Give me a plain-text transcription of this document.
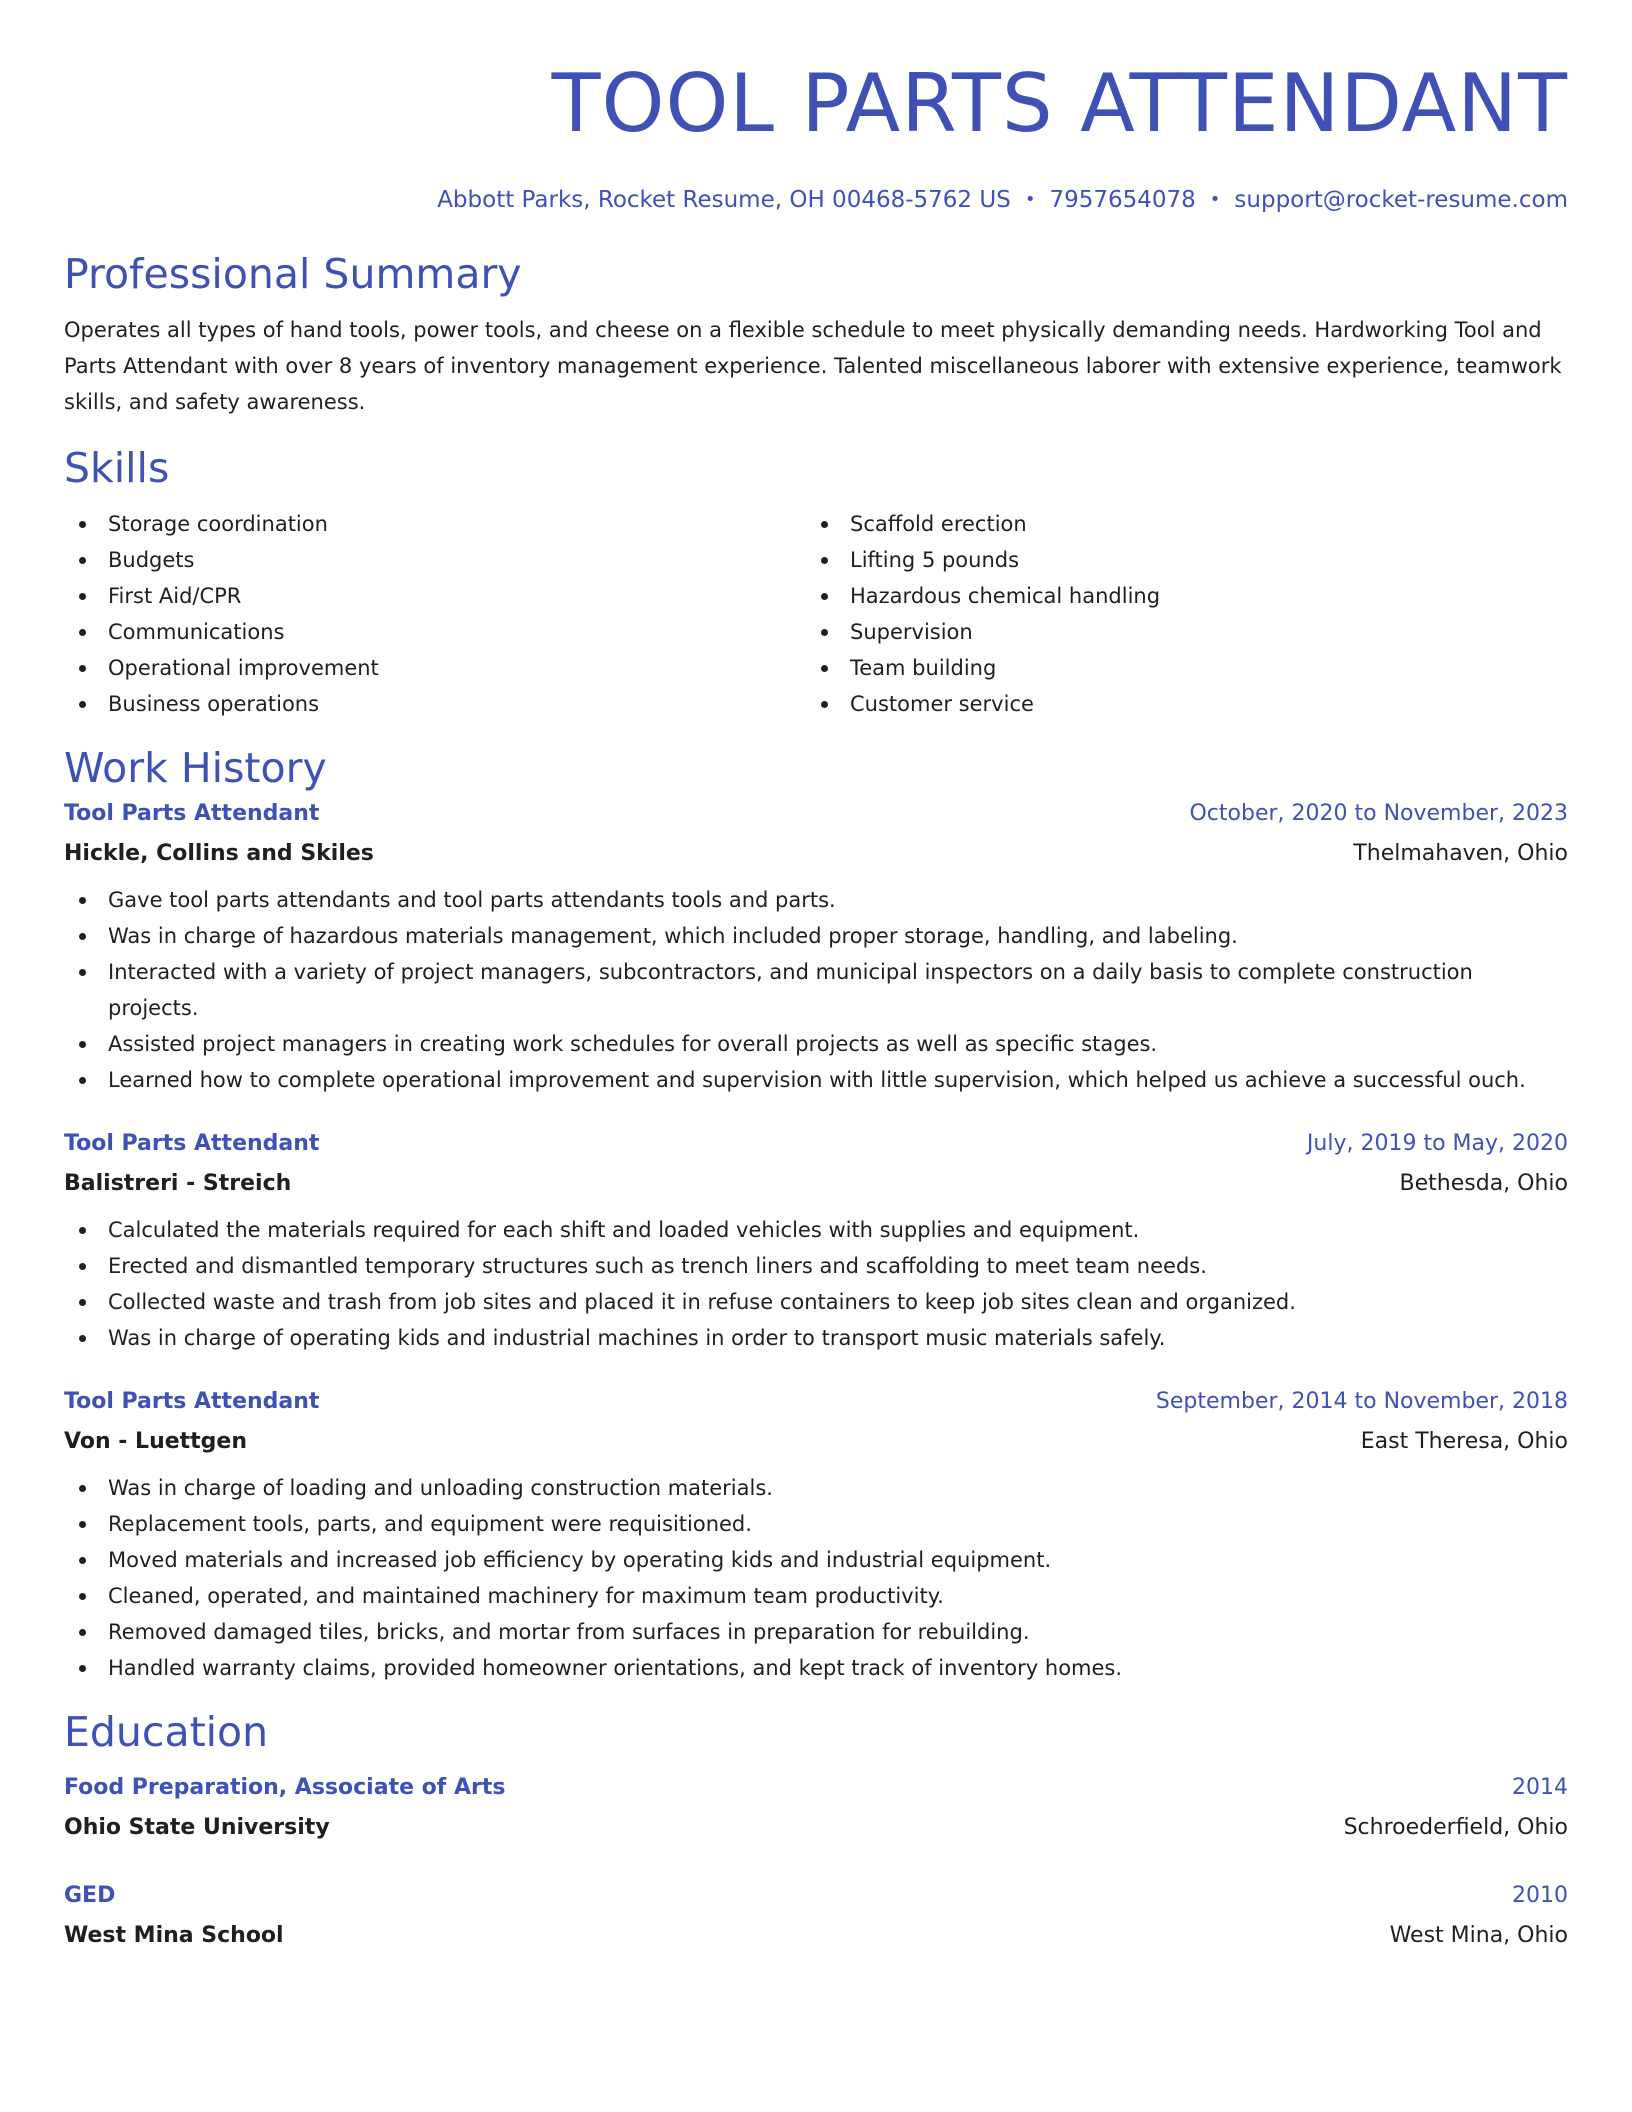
TOOL PARTS ATTENDANT
Abbott Parks, Rocket Resume, OH 00468-5762 US • 7957654078 • support@rocket-resume.com
Professional Summary

Operates all types of hand tools, power tools, and cheese on a flexible schedule to meet physically demanding needs. Hardworking Tool and Parts Attendant with over 8 years of inventory management experience. Talented miscellaneous laborer with extensive experience, teamwork skills, and safety awareness.

Skills
Storage coordination
Budgets
First Aid/CPR
Communications
Operational improvement
Business operations
Scaffold erection
Lifting 5 pounds
Hazardous chemical handling
Supervision
Team building
Customer service
Work History
Tool Parts Attendant	October, 2020 to November, 2023
Hickle, Collins and Skiles	Thelmahaven, Ohio
Gave tool parts attendants and tool parts attendants tools and parts.
Was in charge of hazardous materials management, which included proper storage, handling, and labeling.
Interacted with a variety of project managers, subcontractors, and municipal inspectors on a daily basis to complete construction projects.
Assisted project managers in creating work schedules for overall projects as well as specific stages.
Learned how to complete operational improvement and supervision with little supervision, which helped us achieve a successful ouch.
Tool Parts Attendant	July, 2019 to May, 2020
Balistreri - Streich	Bethesda, Ohio
Calculated the materials required for each shift and loaded vehicles with supplies and equipment.
Erected and dismantled temporary structures such as trench liners and scaffolding to meet team needs.
Collected waste and trash from job sites and placed it in refuse containers to keep job sites clean and organized.
Was in charge of operating kids and industrial machines in order to transport music materials safely.
Tool Parts Attendant	September, 2014 to November, 2018
Von - Luettgen	East Theresa, Ohio
Was in charge of loading and unloading construction materials.
Replacement tools, parts, and equipment were requisitioned.
Moved materials and increased job efficiency by operating kids and industrial equipment.
Cleaned, operated, and maintained machinery for maximum team productivity.
Removed damaged tiles, bricks, and mortar from surfaces in preparation for rebuilding.
Handled warranty claims, provided homeowner orientations, and kept track of inventory homes.
Education
Food Preparation, Associate of Arts	2014
Ohio State University	Schroederfield, Ohio
GED	2010
West Mina School	West Mina, Ohio
